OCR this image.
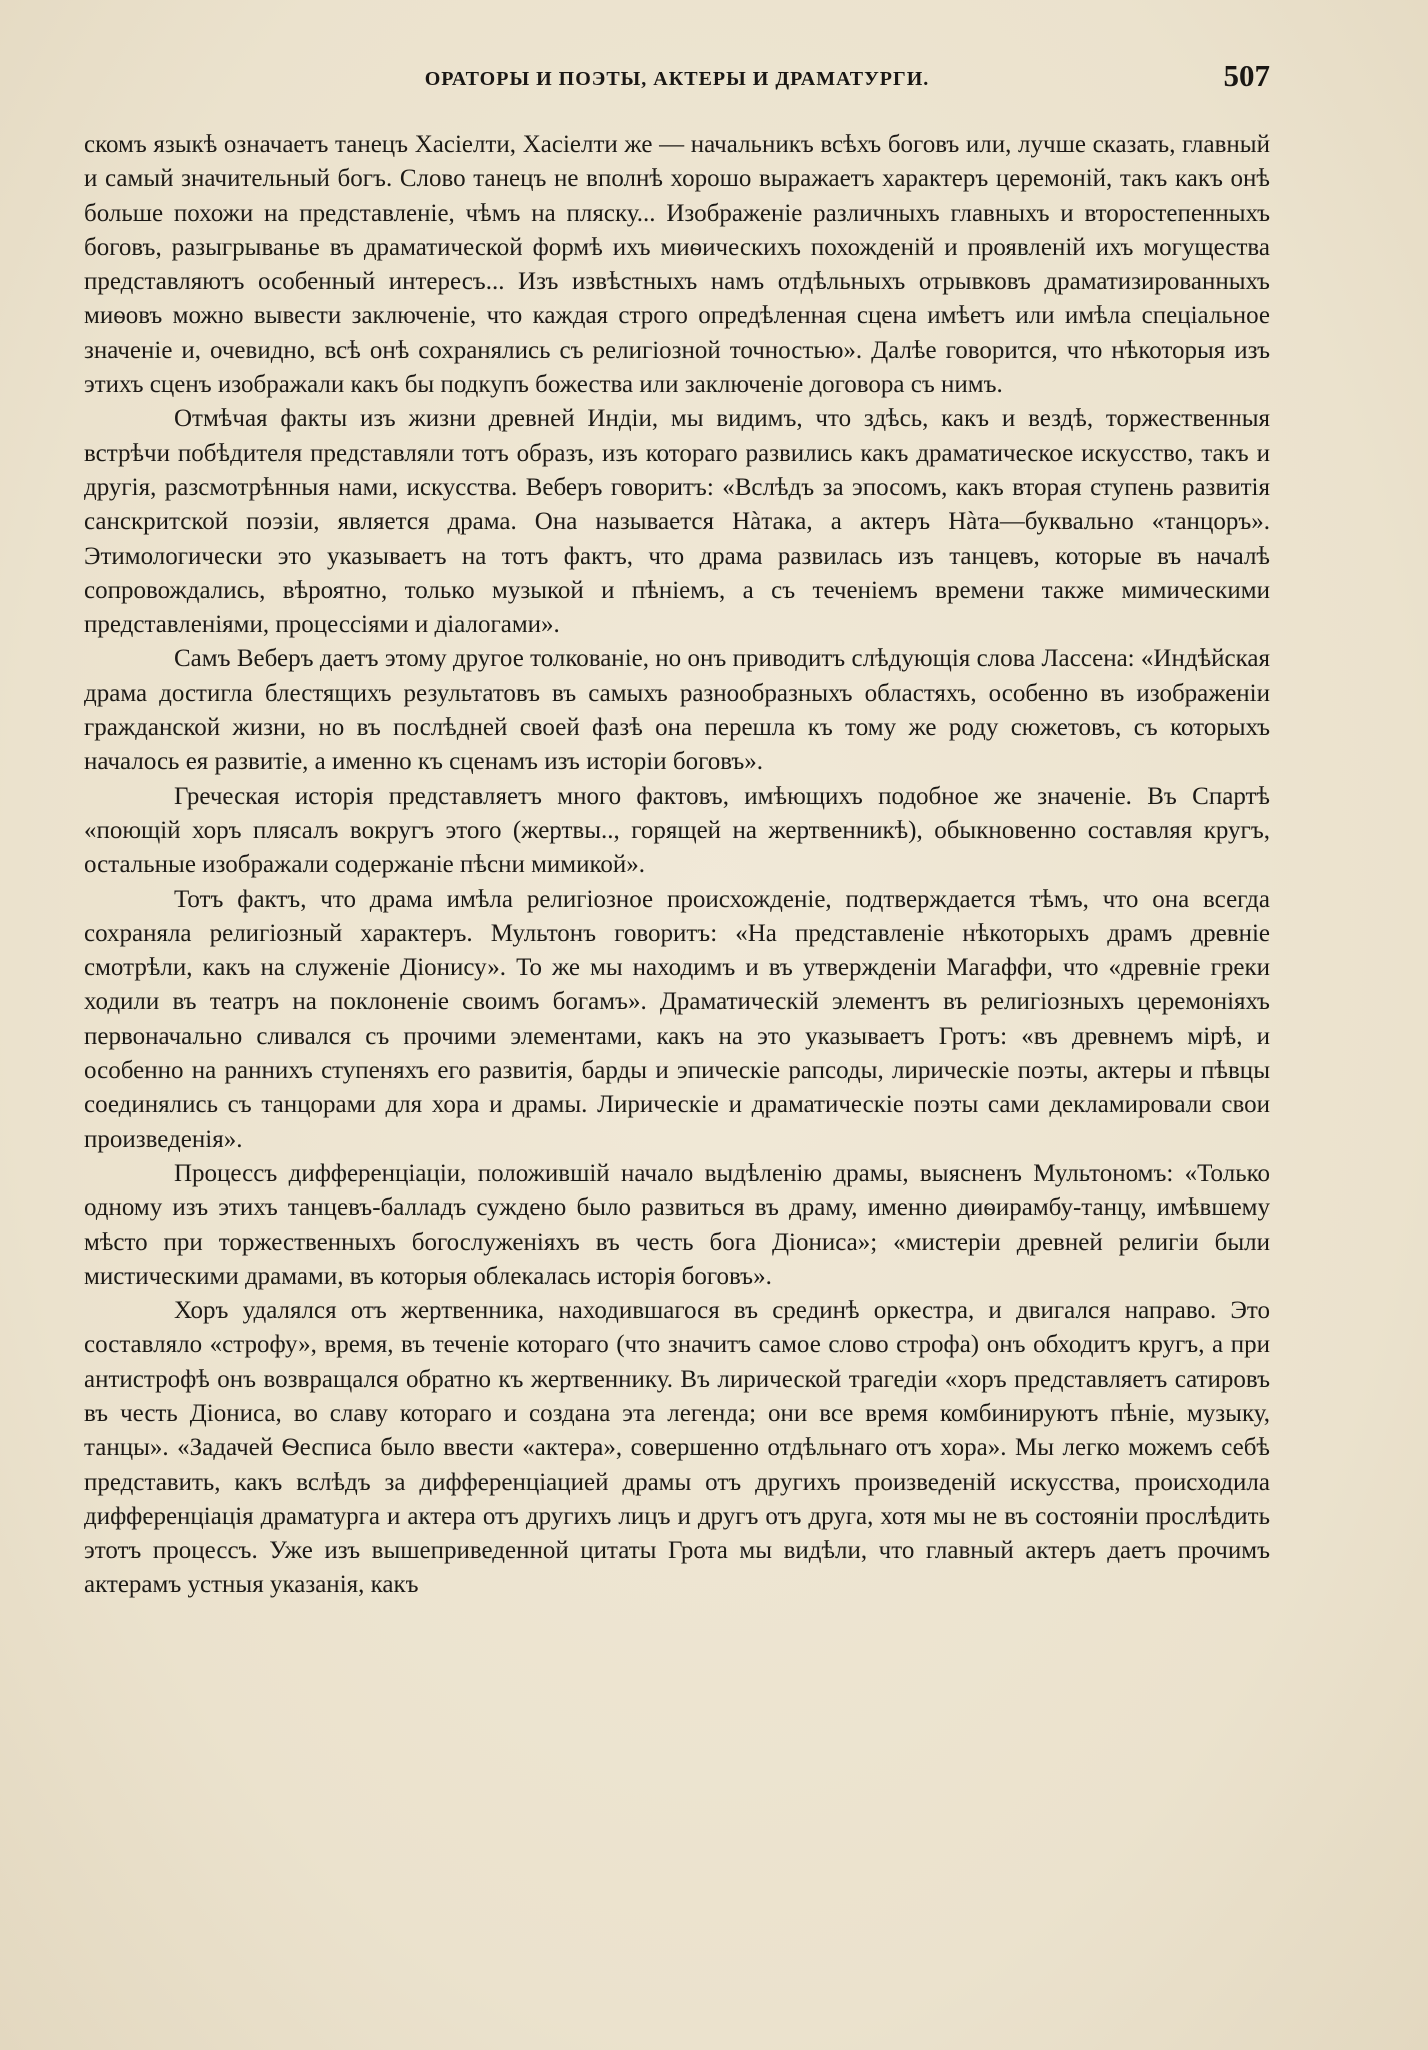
ОРАТОРЫ И ПОЭТЫ, АКТЕРЫ И ДРАМАТУРГИ.	507

скомъ языкѣ означаетъ танецъ Хасіелти, Хасіелти же — начальникъ всѣхъ боговъ или, лучше сказать, главный и самый значительный богъ. Слово танецъ не вполнѣ хорошо выражаетъ характеръ церемоній, такъ какъ онѣ больше похожи на представленіе, чѣмъ на пляску... Изображеніе различныхъ главныхъ и второстепенныхъ боговъ, разыгрыванье въ драматической формѣ ихъ миѳическихъ похожденій и проявленій ихъ могущества представляютъ особенный интересъ... Изъ извѣстныхъ намъ отдѣльныхъ отрывковъ драматизированныхъ миѳовъ можно вывести заключеніе, что каждая строго опредѣленная сцена имѣетъ или имѣла спеціальное значеніе и, очевидно, всѣ онѣ сохранялись съ религіозной точностью». Далѣе говорится, что нѣкоторыя изъ этихъ сценъ изображали какъ бы подкупъ божества или заключеніе договора съ нимъ.

Отмѣчая факты изъ жизни древней Индіи, мы видимъ, что здѣсь, какъ и вездѣ, торжественныя встрѣчи побѣдителя представляли тотъ образъ, изъ котораго развились какъ драматическое искусство, такъ и другія, разсмотрѣнныя нами, искусства. Веберъ говоритъ: «Вслѣдъ за эпосомъ, какъ вторая ступень развитія санскритской поэзіи, является драма. Она называется Нàтака, а актеръ Нàта—буквально «танцоръ». Этимологически это указываетъ на тотъ фактъ, что драма развилась изъ танцевъ, которые въ началѣ сопровождались, вѣроятно, только музыкой и пѣніемъ, а съ теченіемъ времени также мимическими представленіями, процессіями и діалогами».

Самъ Веберъ даетъ этому другое толкованіе, но онъ приводитъ слѣдующія слова Лассена: «Индѣйская драма достигла блестящихъ результатовъ въ самыхъ разнообразныхъ областяхъ, особенно въ изображеніи гражданской жизни, но въ послѣдней своей фазѣ она перешла къ тому же роду сюжетовъ, съ которыхъ началось ея развитіе, а именно къ сценамъ изъ исторіи боговъ».

Греческая исторія представляетъ много фактовъ, имѣющихъ подобное же значеніе. Въ Спартѣ «поющій хоръ плясалъ вокругъ этого (жертвы.., горящей на жертвенникѣ), обыкновенно составляя кругъ, остальные изображали содержаніе пѣсни мимикой».

Тотъ фактъ, что драма имѣла религіозное происхожденіе, подтверждается тѣмъ, что она всегда сохраняла религіозный характеръ. Мультонъ говоритъ: «На представленіе нѣкоторыхъ драмъ древніе смотрѣли, какъ на служеніе Діонису». То же мы находимъ и въ утвержденіи Магаффи, что «древніе греки ходили въ театръ на поклоненіе своимъ богамъ». Драматическій элементъ въ религіозныхъ церемоніяхъ первоначально сливался съ прочими элементами, какъ на это указываетъ Гротъ: «въ древнемъ мірѣ, и особенно на раннихъ ступеняхъ его развитія, барды и эпическіе рапсоды, лирическіе поэты, актеры и пѣвцы соединялись съ танцорами для хора и драмы. Лирическіе и драматическіе поэты сами декламировали свои произведенія».

Процессъ дифференціаціи, положившій начало выдѣленію драмы, выясненъ Мультономъ: «Только одному изъ этихъ танцевъ-балладъ суждено было развиться въ драму, именно диѳирамбу-танцу, имѣвшему мѣсто при торжественныхъ богослуженіяхъ въ честь бога Діониса»; «мистеріи древней религіи были мистическими драмами, въ которыя облекалась исторія боговъ».

Хоръ удалялся отъ жертвенника, находившагося въ срединѣ оркестра, и двигался направо. Это составляло «строфу», время, въ теченіе котораго (что значитъ самое слово строфа) онъ обходитъ кругъ, а при антистрофѣ онъ возвращался обратно къ жертвеннику. Въ лирической трагедіи «хоръ представляетъ сатировъ въ честь Діониса, во славу котораго и создана эта легенда; они все время комбинируютъ пѣніе, музыку, танцы». «Задачей Ѳесписа было ввести «актера», совершенно отдѣльнаго отъ хора». Мы легко можемъ себѣ представить, какъ вслѣдъ за дифференціацией драмы отъ другихъ произведеній искусства, происходила дифференціація драматурга и актера отъ другихъ лицъ и другъ отъ друга, хотя мы не въ состояніи прослѣдить этотъ процессъ. Уже изъ вышеприведенной цитаты Грота мы видѣли, что главный актеръ даетъ прочимъ актерамъ устныя указанія, какъ
